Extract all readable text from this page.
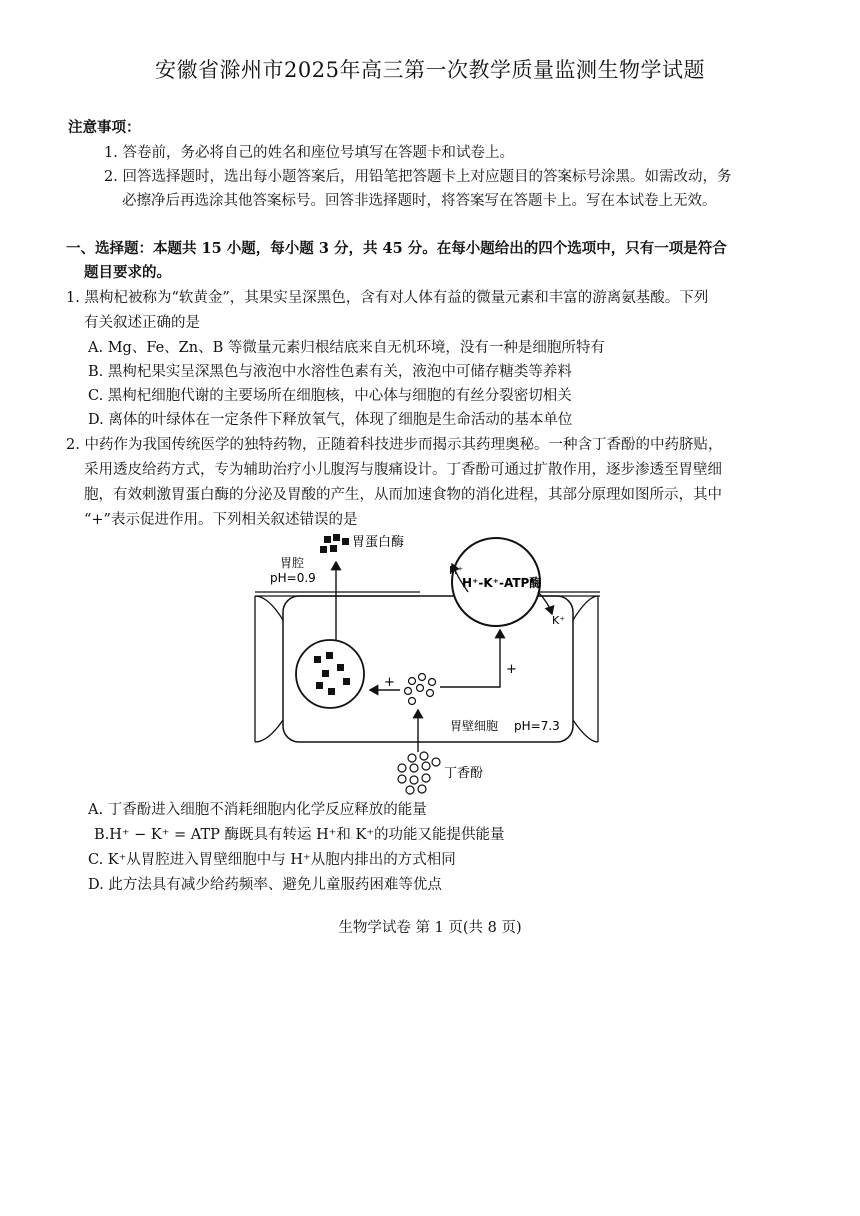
安徽省滁州市2025年高三第一次教学质量监测生物学试题
注意事项：
1. 答卷前，务必将自己的姓名和座位号填写在答题卡和试卷上。
2. 回答选择题时，选出每小题答案后，用铅笔把答题卡上对应题目的答案标号涂黑。如需改动，务
必擦净后再选涂其他答案标号。回答非选择题时，将答案写在答题卡上。写在本试卷上无效。
一、选择题：本题共 15 小题，每小题 3 分，共 45 分。在每小题给出的四个选项中，只有一项是符合
题目要求的。
1. 黑枸杞被称为“软黄金”，其果实呈深黑色，含有对人体有益的微量元素和丰富的游离氨基酸。下列
有关叙述正确的是
A. Mg、Fe、Zn、B 等微量元素归根结底来自无机环境，没有一种是细胞所特有
B. 黑枸杞果实呈深黑色与液泡中水溶性色素有关，液泡中可储存糖类等养料
C. 黑枸杞细胞代谢的主要场所在细胞核，中心体与细胞的有丝分裂密切相关
D. 离体的叶绿体在一定条件下释放氧气，体现了细胞是生命活动的基本单位
2. 中药作为我国传统医学的独特药物，正随着科技进步而揭示其药理奥秘。一种含丁香酚的中药脐贴，
采用透皮给药方式，专为辅助治疗小儿腹泻与腹痛设计。丁香酚可通过扩散作用，逐步渗透至胃壁细
胞，有效刺激胃蛋白酶的分泌及胃酸的产生，从而加速食物的消化进程，其部分原理如图所示，其中
“+”表示促进作用。下列相关叙述错误的是
胃蛋白酶
胃腔
pH=0.9	H⁺-K⁺-ATP酶
H⁺
K⁺
+
+
胃壁细胞 pH=7.3
丁香酚
A. 丁香酚进入细胞不消耗细胞内化学反应释放的能量
B.H⁺ − K⁺ = ATP 酶既具有转运 H⁺和 K⁺的功能又能提供能量
C. K⁺从胃腔进入胃壁细胞中与 H⁺从胞内排出的方式相同
D. 此方法具有减少给药频率、避免儿童服药困难等优点
生物学试卷 第 1 页(共 8 页)
